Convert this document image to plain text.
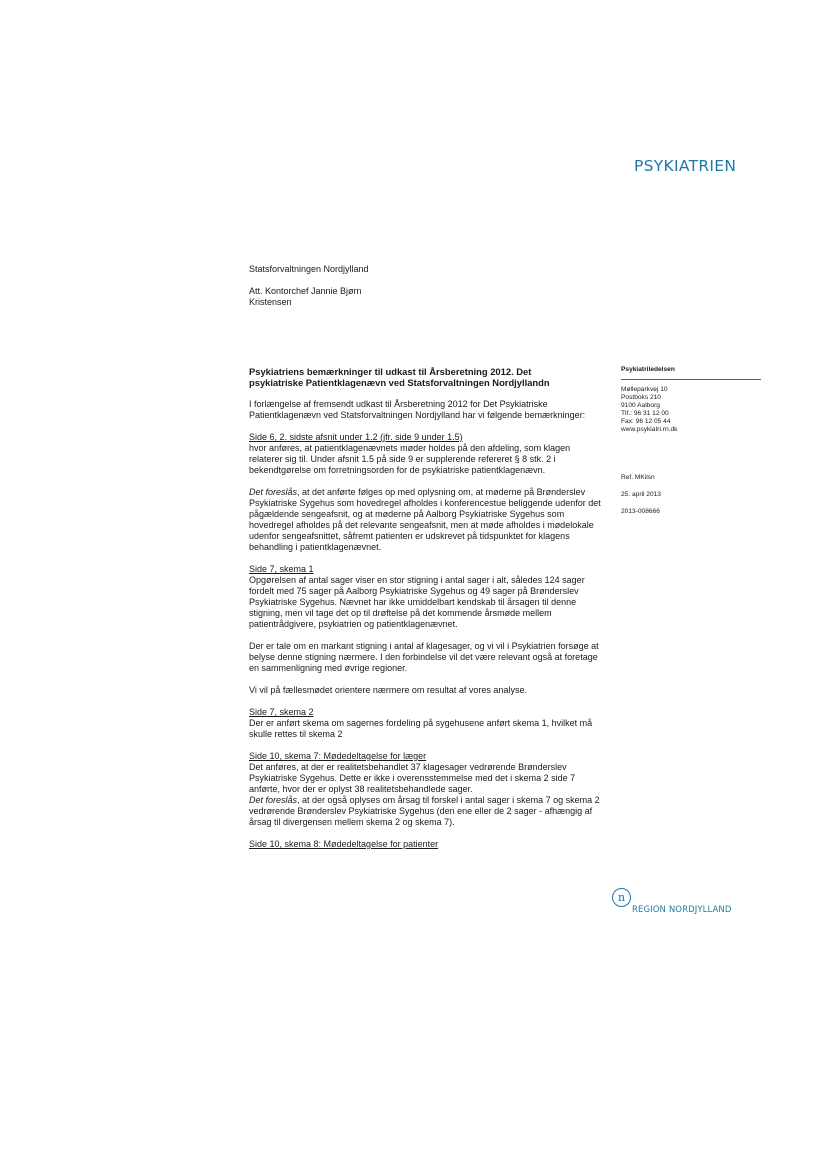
PSYKIATRIEN

Statsforvaltningen Nordjylland

Att. Kontorchef Jannie Bjørn

Kristensen

Psykiatriens bemærkninger til udkast til Årsberetning 2012. Det
psykiatriske Patientklagenævn ved Statsforvaltningen Nordjyllandn

I forlængelse af fremsendt udkast til Årsberetning 2012 for Det Psykiatriske Patientklagenævn ved Statsforvaltningen Nordjylland har vi følgende bemærkninger:

Side 6, 2. sidste afsnit under 1.2 (jfr. side 9 under 1.5)
hvor anføres, at patientklagenævnets møder holdes på den afdeling, som klagen relaterer sig til. Under afsnit 1.5 på side 9 er supplerende refereret § 8 stk. 2 i bekendtgørelse om forretningsorden for de psykiatriske patientklagenævn.

Det foreslås, at det anførte følges op med oplysning om, at møderne på Brønderslev Psykiatriske Sygehus som hovedregel afholdes i konferencestue beliggende udenfor det pågældende sengeafsnit, og at møderne på Aalborg Psykiatriske Sygehus som hovedregel afholdes på det relevante sengeafsnit, men at møde afholdes i mødelokale udenfor sengeafsnittet, såfremt patienten er udskrevet på tidspunktet for klagens behandling i patientklagenævnet.

Side 7, skema 1
Opgørelsen af antal sager viser en stor stigning i antal sager i alt, således 124 sager fordelt med 75 sager på Aalborg Psykiatriske Sygehus og 49 sager på Brønderslev Psykiatriske Sygehus. Nævnet har ikke umiddelbart kendskab til årsagen til denne stigning, men vil tage det op til drøftelse på det kommende årsmøde mellem patientrådgivere, psykiatrien og patientklagenævnet.

Der er tale om en markant stigning i antal af klagesager, og vi vil i Psykiatrien forsøge at belyse denne stigning nærmere. I den forbindelse vil det være relevant også at foretage en sammenligning med øvrige regioner.

Vi vil på fællesmødet orientere nærmere om resultat af vores analyse.

Side 7, skema 2
Der er anført skema om sagernes fordeling på sygehusene anført skema 1, hvilket må skulle rettes til skema 2

Side 10, skema 7: Mødedeltagelse for læger
Det anføres, at der er realitetsbehandlet 37 klagesager vedrørende Brønderslev Psykiatriske Sygehus. Dette er ikke i overensstemmelse med det i skema 2 side 7 anførte, hvor der er oplyst 38 realitetsbehandlede sager.
Det foreslås, at der også oplyses om årsag til forskel i antal sager i skema 7 og skema 2 vedrørende Brønderslev Psykiatriske Sygehus (den ene eller de 2 sager - afhængig af årsag til divergensen mellem skema 2 og skema 7).

Side 10, skema 8: Mødedeltagelse for patienter

Psykiatriledelsen
Mølleparkvej 10
Postboks 210
9100 Aalborg
Tlf.: 96 31 12 00
Fax: 96 12 05 44
www.psykiatri.rn.dk
Ref. MKilsn
25. april 2013
2013-008666
n
REGION NORDJYLLAND
